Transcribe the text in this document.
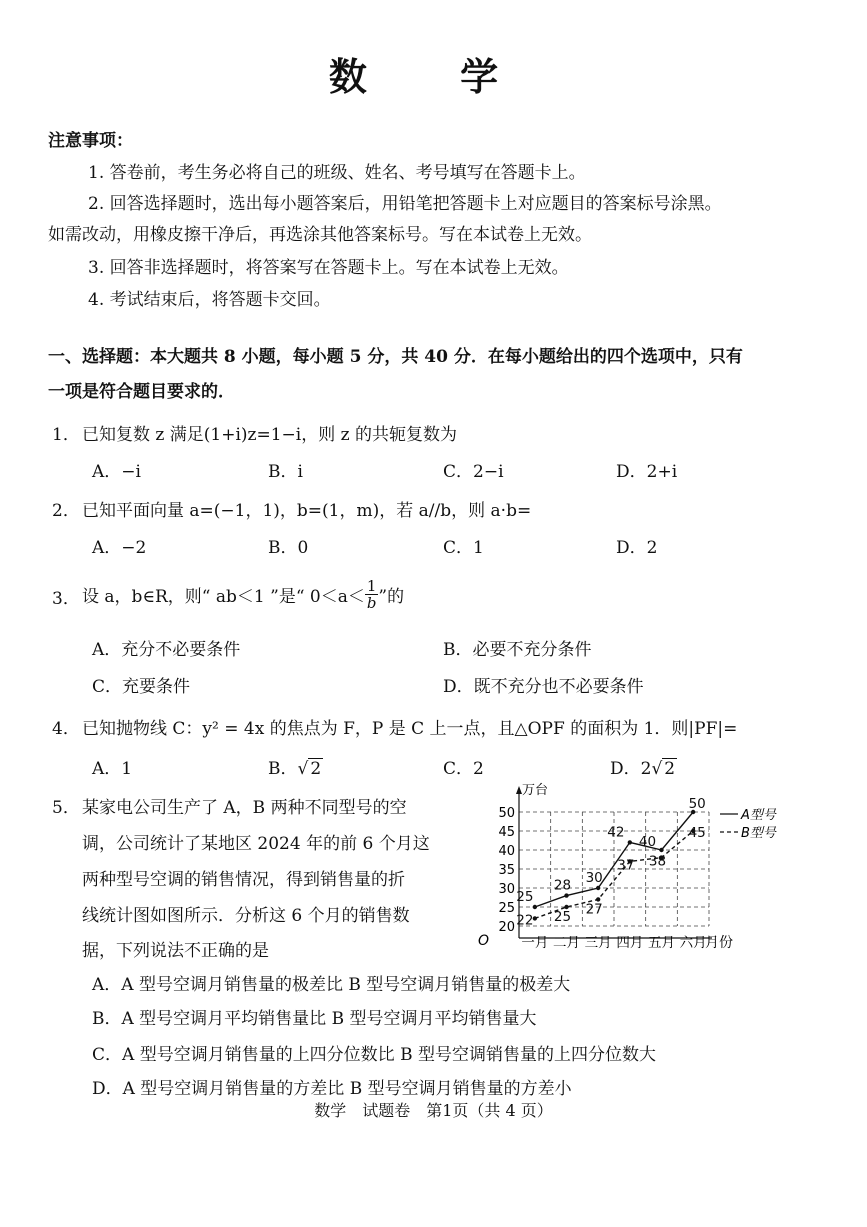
数 学
注意事项：
1. 答卷前，考生务必将自己的班级、姓名、考号填写在答题卡上。
2. 回答选择题时，选出每小题答案后，用铅笔把答题卡上对应题目的答案标号涂黑。
如需改动，用橡皮擦干净后，再选涂其他答案标号。写在本试卷上无效。
3. 回答非选择题时，将答案写在答题卡上。写在本试卷上无效。
4. 考试结束后，将答题卡交回。
一、选择题：本大题共 8 小题，每小题 5 分，共 40 分．在每小题给出的四个选项中，只有
一项是符合题目要求的．
1． 已知复数 z 满足(1+i)z=1−i，则 z 的共轭复数为
A．−i	B．i	C．2−i	D．2+i
2． 已知平面向量 a=(−1，1)，b=(1，m)，若 a//b，则 a·b=
A．−2	B．0	C．1	D．2
3． 设 a，b∈R，则“ ab＜1 ”是“ $0<a< \frac{1}{b}$ ”的
A．充分不必要条件	B．必要不充分条件
C．充要条件	D．既不充分也不必要条件
4． 已知抛物线 C：y² = 4x 的焦点为 F，P 是 C 上一点，且△OPF 的面积为 1．则|PF|=
A．1	B．√ 2	C．2	D．2√ 2
5． 某家电公司生产了 A，B 两种不同型号的空
调，公司统计了某地区 2024 年的前 6 个月这
两种型号空调的销售情况，得到销售量的折
线统计图如图所示．分析这 6 个月的销售数
据，下列说法不正确的是
万台
月份
O
20
25
30
35
40
45
50
一月 二月 三月 四月 五月 六月
25
28 30
42
40
50
22 25 27
37 38
45
A型号
B型号
A．A 型号空调月销售量的极差比 B 型号空调月销售量的极差大
B．A 型号空调月平均销售量比 B 型号空调月平均销售量大
C．A 型号空调月销售量的上四分位数比 B 型号空调销售量的上四分位数大
D．A 型号空调月销售量的方差比 B 型号空调月销售量的方差小
数学　试题卷　第1页（共 4 页）
